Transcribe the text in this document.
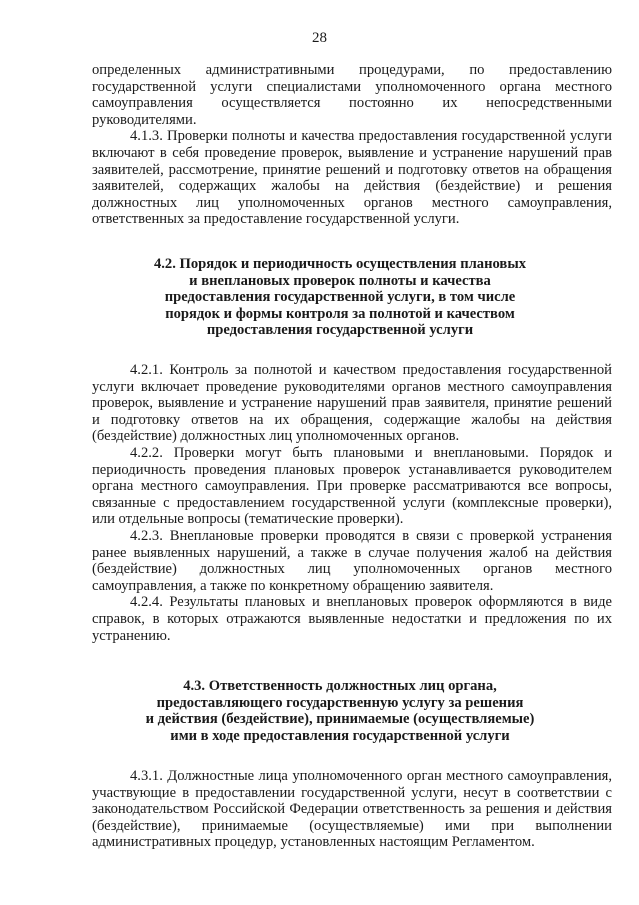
28

определенных административными процедурами, по предоставлению государственной услуги специалистами уполномоченного органа местного самоуправления осуществляется постоянно их непосредственными руководителями.

4.1.3. Проверки полноты и качества предоставления государственной услуги включают в себя проведение проверок, выявление и устранение нарушений прав заявителей, рассмотрение, принятие решений и подготовку ответов на обращения заявителей, содержащих жалобы на действия (бездействие) и решения должностных лиц уполномоченных органов местного самоуправления, ответственных за предоставление государственной услуги.

4.2. Порядок и периодичность осуществления плановых
и внеплановых проверок полноты и качества
предоставления государственной услуги, в том числе
порядок и формы контроля за полнотой и качеством
предоставления государственной услуги

4.2.1. Контроль за полнотой и качеством предоставления государственной услуги включает проведение руководителями органов местного самоуправления проверок, выявление и устранение нарушений прав заявителя, принятие решений и подготовку ответов на их обращения, содержащие жалобы на действия (бездействие) должностных лиц уполномоченных органов.

4.2.2. Проверки могут быть плановыми и внеплановыми. Порядок и периодичность проведения плановых проверок устанавливается руководителем органа местного самоуправления. При проверке рассматриваются все вопросы, связанные с предоставлением государственной услуги (комплексные проверки), или отдельные вопросы (тематические проверки).

4.2.3. Внеплановые проверки проводятся в связи с проверкой устранения ранее выявленных нарушений, а также в случае получения жалоб на действия (бездействие) должностных лиц уполномоченных органов местного самоуправления, а также по конкретному обращению заявителя.

4.2.4. Результаты плановых и внеплановых проверок оформляются в виде справок, в которых отражаются выявленные недостатки и предложения по их устранению.

4.3. Ответственность должностных лиц органа,
предоставляющего государственную услугу за решения
и действия (бездействие), принимаемые (осуществляемые)
ими в ходе предоставления государственной услуги

4.3.1. Должностные лица уполномоченного орган местного самоуправления, участвующие в предоставлении государственной услуги, несут в соответствии с законодательством Российской Федерации ответственность за решения и действия (бездействие), принимаемые (осуществляемые) ими при выполнении административных процедур, установленных настоящим Регламентом.
